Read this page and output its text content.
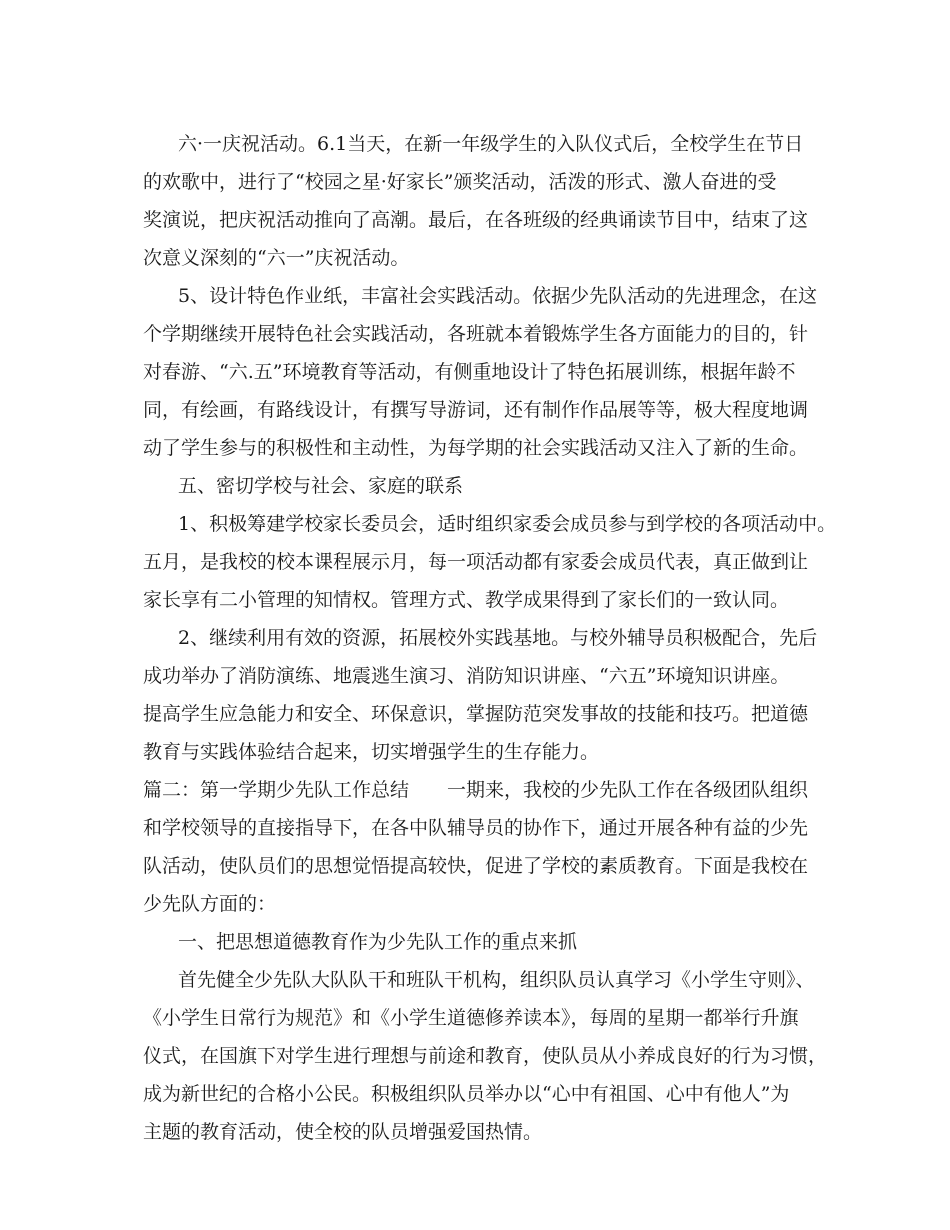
六·一庆祝活动。6.1当天，在新一年级学生的入队仪式后，全校学生在节日
的欢歌中，进行了“校园之星·好家长”颁奖活动，活泼的形式、激人奋进的受
奖演说，把庆祝活动推向了高潮。最后，在各班级的经典诵读节目中，结束了这
次意义深刻的“六一”庆祝活动。
5、设计特色作业纸，丰富社会实践活动。依据少先队活动的先进理念，在这
个学期继续开展特色社会实践活动，各班就本着锻炼学生各方面能力的目的，针
对春游、“六.五”环境教育等活动，有侧重地设计了特色拓展训练，根据年龄不
同，有绘画，有路线设计，有撰写导游词，还有制作作品展等等，极大程度地调
动了学生参与的积极性和主动性，为每学期的社会实践活动又注入了新的生命。
五、密切学校与社会、家庭的联系
1、积极筹建学校家长委员会，适时组织家委会成员参与到学校的各项活动中。
五月，是我校的校本课程展示月，每一项活动都有家委会成员代表，真正做到让
家长享有二小管理的知情权。管理方式、教学成果得到了家长们的一致认同。
2、继续利用有效的资源，拓展校外实践基地。与校外辅导员积极配合，先后
成功举办了消防演练、地震逃生演习、消防知识讲座、“六五”环境知识讲座。
提高学生应急能力和安全、环保意识，掌握防范突发事故的技能和技巧。把道德
教育与实践体验结合起来，切实增强学生的生存能力。
篇二：第一学期少先队工作总结　　一期来，我校的少先队工作在各级团队组织
和学校领导的直接指导下，在各中队辅导员的协作下，通过开展各种有益的少先
队活动，使队员们的思想觉悟提高较快，促进了学校的素质教育。下面是我校在
少先队方面的：
一、把思想道德教育作为少先队工作的重点来抓
首先健全少先队大队队干和班队干机构，组织队员认真学习《小学生守则》、
《小学生日常行为规范》和《小学生道德修养读本》，每周的星期一都举行升旗
仪式，在国旗下对学生进行理想与前途和教育，使队员从小养成良好的行为习惯，
成为新世纪的合格小公民。积极组织队员举办以“心中有祖国、心中有他人”为
主题的教育活动，使全校的队员增强爱国热情。
